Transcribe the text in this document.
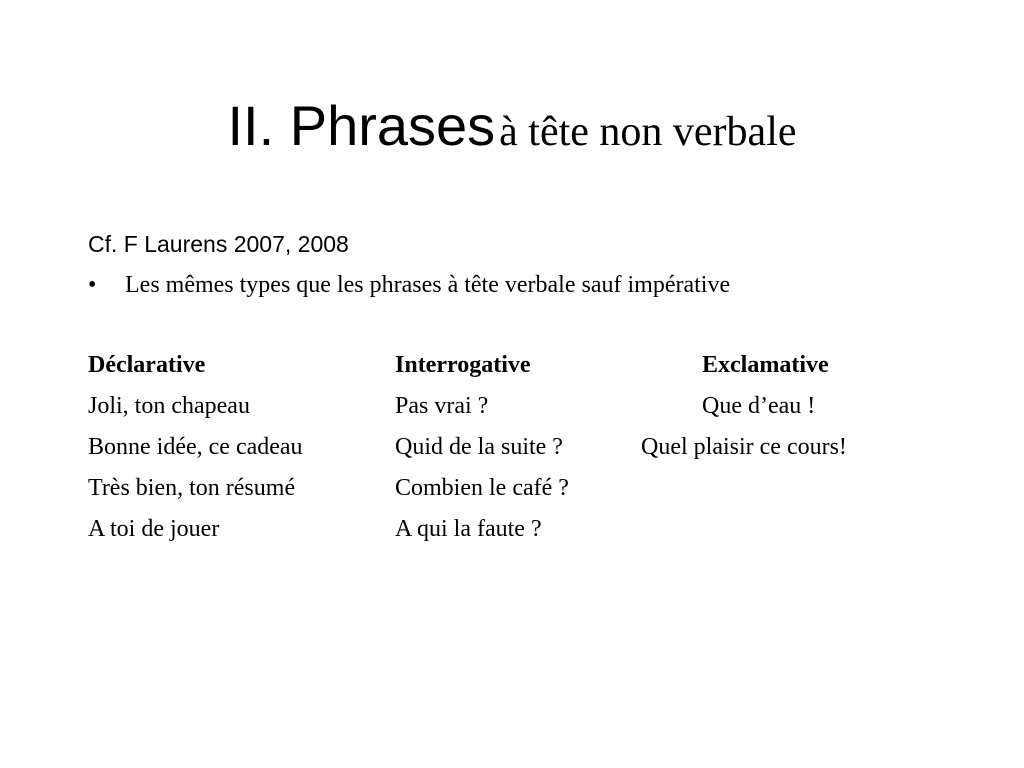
II. Phrases à tête non verbale
Cf. F Laurens 2007, 2008
• Les mêmes types que les phrases à tête verbale sauf impérative
Déclarative	Interrogative	Exclamative
Joli, ton chapeau	Pas vrai ?	Que d’eau !
Bonne idée, ce cadeau	Quid de la suite ?	Quel plaisir ce cours!
Très bien, ton résumé	Combien le café ?
A toi de jouer	A qui la faute ?
